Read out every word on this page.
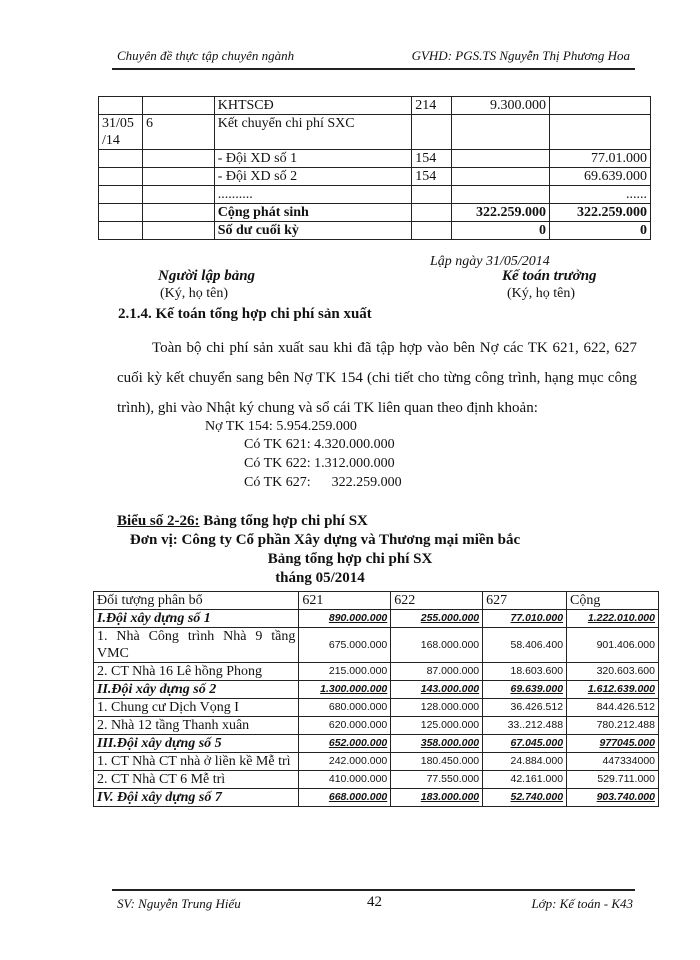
Chuyên đề thực tập chuyên ngành	GVHD: PGS.TS Nguyễn Thị Phương Hoa
		KHTSCĐ	214	9.300.000	
31/05 /14	6	Kết chuyển chi phí SXC			
		- Đội XD số 1	154		77.01.000
		- Đội XD số 2	154		69.639.000
		..........			......
		Cộng phát sinh		322.259.000	322.259.000
		Số dư cuối kỳ		0	0
Lập ngày 31/05/2014
Người lập bảng
(Ký, họ tên)
Kế toán trưởng
(Ký, họ tên)
2.1.4. Kế toán tổng hợp chi phí sản xuất
Toàn bộ chi phí sản xuất sau khi đã tập hợp vào bên Nợ các TK 621, 622, 627 cuối kỳ kết chuyển sang bên Nợ TK 154 (chi tiết cho từng công trình, hạng mục công trình), ghi vào Nhật ký chung và sổ cái TK liên quan theo định khoản:
Nợ TK 154: 5.954.259.000
Có TK 621: 4.320.000.000
Có TK 622: 1.312.000.000
Có TK 627:      322.259.000
Biểu số 2-26: Bảng tổng hợp chi phí SX
Đơn vị: Công ty Cổ phần Xây dựng và Thương mại miền bắc
Bảng tổng hợp chi phí SX
tháng 05/2014
Đối tượng phân bổ	621	622	627	Cộng
I.Đội xây dựng số 1	890.000.000	255.000.000	77.010.000	1.222.010.000
1. Nhà Công trình Nhà 9 tầng VMC	675.000.000	168.000.000	58.406.400	901.406.000
2. CT Nhà 16 Lê hồng Phong	215.000.000	87.000.000	18.603.600	320.603.600
II.Đội xây dựng số 2	1.300.000.000	143.000.000	69.639.000	1.612.639.000
1. Chung cư Dịch Vọng I	680.000.000	128.000.000	36.426.512	844.426.512
2. Nhà 12 tầng Thanh xuân	620.000.000	125.000.000	33..212.488	780.212.488
III.Đội xây dựng số 5	652.000.000	358.000.000	67.045.000	977045.000
1. CT Nhà CT nhà ở liền kề Mễ trì	242.000.000	180.450.000	24.884.000	447334000
2. CT Nhà CT 6 Mễ trì	410.000.000	77.550.000	42.161.000	529.711.000
IV. Đội xây dựng số 7	668.000.000	183.000.000	52.740.000	903.740.000
SV: Nguyễn Trung Hiếu	42	Lớp: Kế toán - K43
